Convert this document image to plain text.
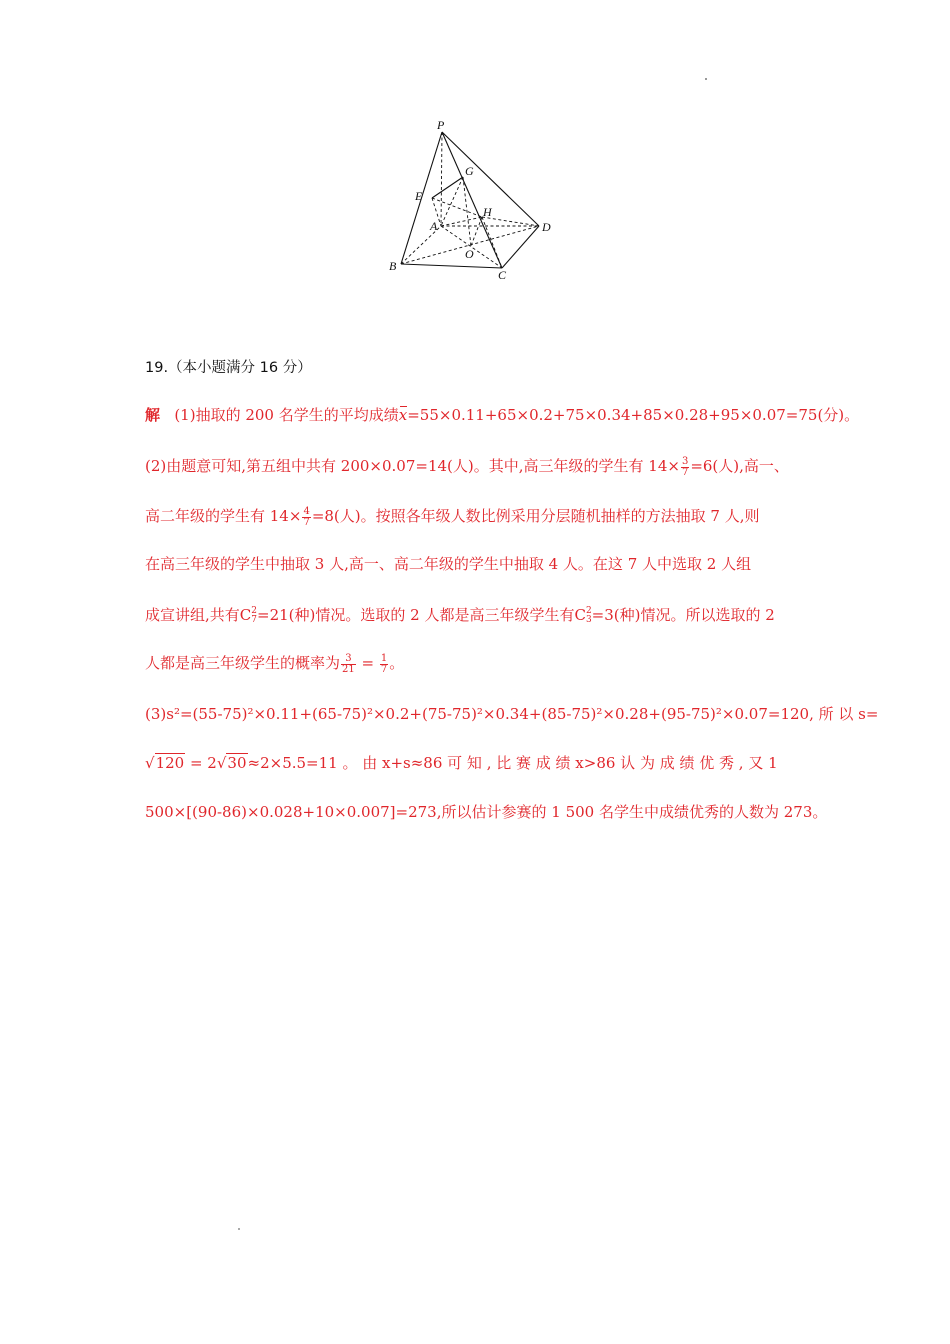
P
G
E
H
A	D
O
B
C
19.（本小题满分 16 分）
解 (1)抽取的 200 名学生的平均成绩x=55×0.11+65×0.2+75×0.34+85×0.28+95×0.07=75(分)。
(2)由题意可知,第五组中共有 200×0.07=14(人)。其中,高三年级的学生有 $14\times \frac{3}{7} =6$(人),高一、
高二年级的学生有 $14\times \frac{4}{7} =8$(人)。按照各年级人数比例采用分层随机抽样的方法抽取 7 人,则
在高三年级的学生中抽取 3 人,高一、高二年级的学生中抽取 4 人。在这 7 人中选取 2 人组
成宣讲组,共有C 2
7 =21(种)情况。选取的 2 人都是高三年级学生有C 2
3 =3(种)情况。所以选取的 2
人都是高三年级学生的概率为 $\frac{3}{21} = \frac{1}{7}$ 。
(3)s²=(55-75)²×0.11+(65-75)²×0.2+(75-75)²×0.34+(85-75)²×0.28+(95-75)²×0.07=120, 所 以 s=
√120 = 2√30≈2×5.5=11 。 由 x+s≈86 可 知 , 比 赛 成 绩 x>86 认 为 成 绩 优 秀 , 又 1
500×[(90-86)×0.028+10×0.007]=273,所以估计参赛的 1 500 名学生中成绩优秀的人数为 273。
